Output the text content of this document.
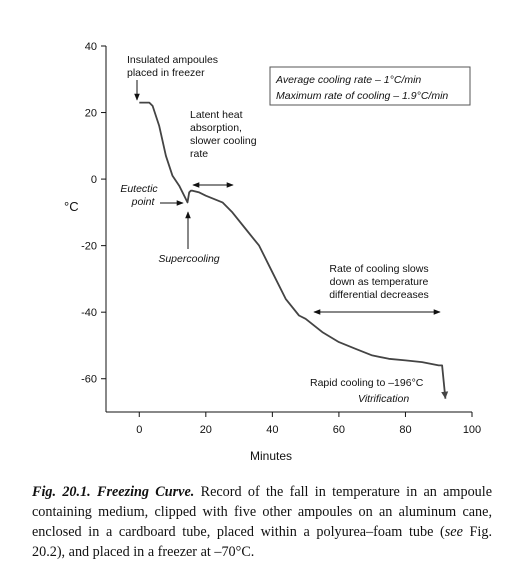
40
20
0
-20
-40
-60
0	20	40	60	80	100
°C
Minutes
Average cooling rate – 1°C/min
Maximum rate of cooling – 1.9°C/min
Insulated ampoules
placed in freezer
Latent heat
absorption,
slower cooling
rate
Eutectic
point
Supercooling
Rate of cooling slows
down as temperature
differential decreases
Rapid cooling to –196°C
Vitrification
Fig. 20.1. Freezing Curve. Record of the fall in temperature in an ampoule containing medium, clipped with five other ampoules on an aluminum cane, enclosed in a cardboard tube, placed within a polyurea–foam tube (see Fig. 20.2), and placed in a freezer at –70°C.
